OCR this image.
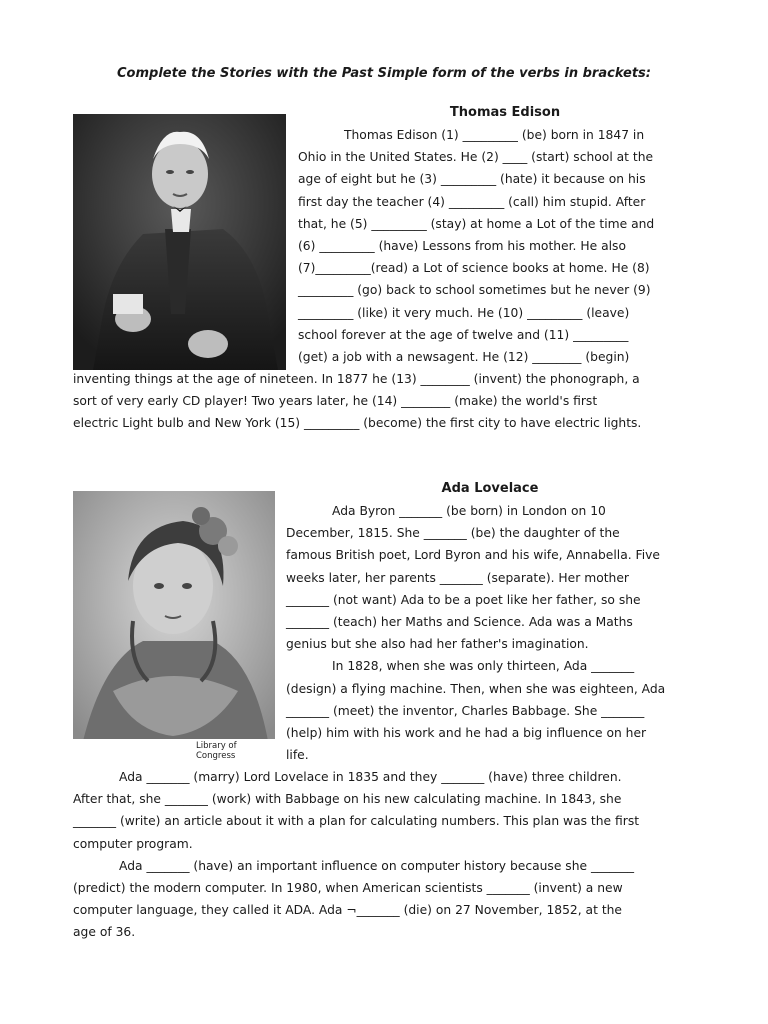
Complete the Stories with the Past Simple form of the verbs in brackets:
Thomas Edison
Thomas Edison (1) _________ (be) born in 1847 in
Ohio in the United States. He (2) ____ (start) school at the
age of eight but he (3) _________ (hate) it because on his
first day the teacher (4) _________ (call) him stupid. After
that, he (5) _________ (stay) at home a Lot of the time and
(6) _________ (have) Lessons from his mother. He also
(7)_________(read) a Lot of science books at home. He (8)
_________ (go) back to school sometimes but he never (9)
_________ (like) it very much. He (10) _________ (leave)
school forever at the age of twelve and (11) _________
(get) a job with a newsagent. He (12) ________ (begin)
inventing things at the age of nineteen. In 1877 he (13) ________ (invent) the phonograph, a
sort of very early CD player! Two years later, he (14) ________ (make) the world's first
electric Light bulb and New York (15) _________ (become) the first city to have electric lights.
Ada Lovelace
Library of Congress
Ada Byron _______ (be born) in London on 10
December, 1815. She _______ (be) the daughter of the
famous British poet, Lord Byron and his wife, Annabella. Five
weeks later, her parents _______ (separate). Her mother
_______ (not want) Ada to be a poet like her father, so she
_______ (teach) her Maths and Science. Ada was a Maths
genius but she also had her father's imagination.
In 1828, when she was only thirteen, Ada _______
(design) a flying machine. Then, when she was eighteen, Ada
_______ (meet) the inventor, Charles Babbage. She _______
(help) him with his work and he had a big influence on her
life.
Ada _______ (marry) Lord Lovelace in 1835 and they _______ (have) three children.
After that, she _______ (work) with Babbage on his new calculating machine. In 1843, she
_______ (write) an article about it with a plan for calculating numbers. This plan was the first
computer program.
Ada _______ (have) an important influence on computer history because she _______
(predict) the modern computer. In 1980, when American scientists _______ (invent) a new
computer language, they called it ADA. Ada ¬_______ (die) on 27 November, 1852, at the
age of 36.
